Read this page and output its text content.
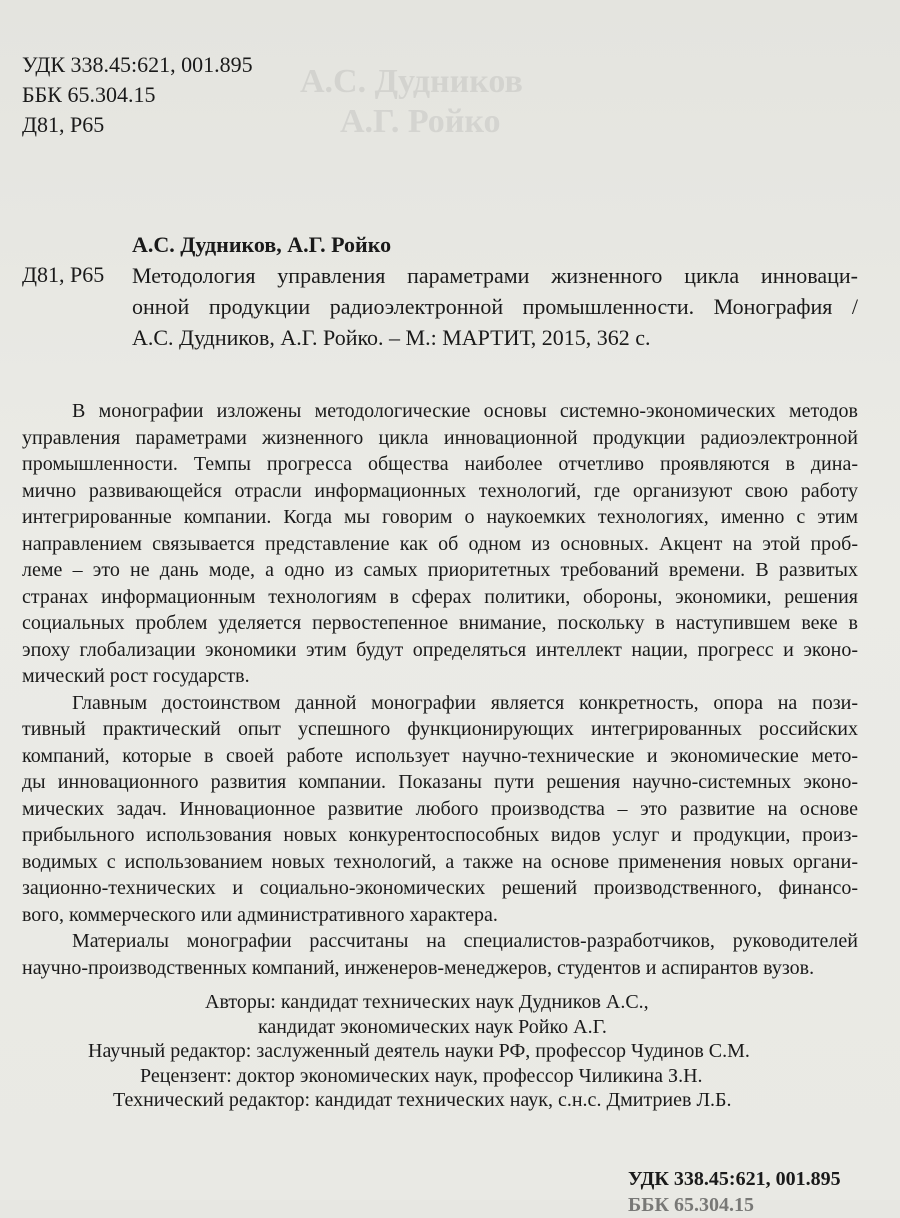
А.С. Дудников
А.Г. Ройко
УДК 338.45:621, 001.895
ББК 65.304.15
Д81, Р65
А.С. Дудников, А.Г. Ройко
Д81, Р65 Методология управления параметрами жизненного цикла инноваци-
онной продукции радиоэлектронной промышленности. Монография /
А.С. Дудников, А.Г. Ройко. – М.: МАРТИТ, 2015, 362 с.
В монографии изложены методологические основы системно-экономических методов
управления параметрами жизненного цикла инновационной продукции радиоэлектронной
промышленности. Темпы прогресса общества наиболее отчетливо проявляются в дина-
мично развивающейся отрасли информационных технологий, где организуют свою работу
интегрированные компании. Когда мы говорим о наукоемких технологиях, именно с этим
направлением связывается представление как об одном из основных. Акцент на этой проб-
леме – это не дань моде, а одно из самых приоритетных требований времени. В развитых
странах информационным технологиям в сферах политики, обороны, экономики, решения
социальных проблем уделяется первостепенное внимание, поскольку в наступившем веке в
эпоху глобализации экономики этим будут определяться интеллект нации, прогресс и эконо-
мический рост государств.
Главным достоинством данной монографии является конкретность, опора на пози-
тивный практический опыт успешного функционирующих интегрированных российских
компаний, которые в своей работе использует научно-технические и экономические мето-
ды инновационного развития компании. Показаны пути решения научно-системных эконо-
мических задач. Инновационное развитие любого производства – это развитие на основе
прибыльного использования новых конкурентоспособных видов услуг и продукции, произ-
водимых с использованием новых технологий, а также на основе применения новых органи-
зационно-технических и социально-экономических решений производственного, финансо-
вого, коммерческого или административного характера.
Материалы монографии рассчитаны на специалистов-разработчиков, руководителей
научно-производственных компаний, инженеров-менеджеров, студентов и аспирантов вузов.
Авторы: кандидат технических наук Дудников А.С.,
кандидат экономических наук Ройко А.Г.
Научный редактор: заслуженный деятель науки РФ, профессор Чудинов С.М.
Рецензент: доктор экономических наук, профессор Чиликина З.Н.
Технический редактор: кандидат технических наук, с.н.с. Дмитриев Л.Б.
УДК 338.45:621, 001.895
ББК 65.304.15
